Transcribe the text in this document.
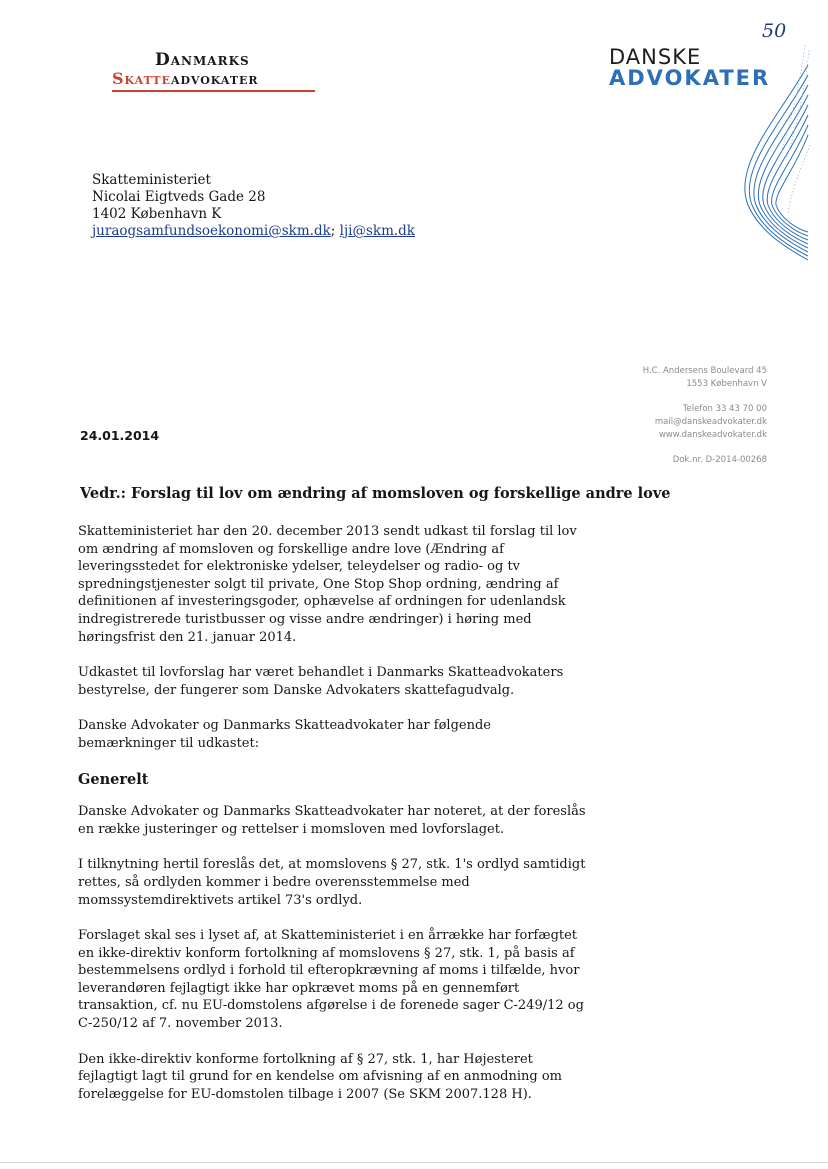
50
Danmarks
Skatteadvokater
DANSKE
ADVOKATER
Skatteministeriet
Nicolai Eigtveds Gade 28
1402 København K
juraogsamfundsoekonomi@skm.dk; lji@skm.dk
H.C. Andersens Boulevard 45
1553 København V
Telefon 33 43 70 00
mail@danskeadvokater.dk
www.danskeadvokater.dk
Dok.nr. D-2014-00268
24.01.2014
Vedr.: Forslag til lov om ændring af momsloven og forskellige andre love

Skatteministeriet har den 20. december 2013 sendt udkast til forslag til lov om ændring af momsloven og forskellige andre love (Ændring af leveringsstedet for elektroniske ydelser, teleydelser og radio- og tv spredningstjenester solgt til private, One Stop Shop ordning, ændring af definitionen af investeringsgoder, ophævelse af ordningen for udenlandsk indregistrerede turistbusser og visse andre ændringer) i høring med høringsfrist den 21. januar 2014.

Udkastet til lovforslag har været behandlet i Danmarks Skatteadvokaters bestyrelse, der fungerer som Danske Advokaters skattefagudvalg.

Danske Advokater og Danmarks Skatteadvokater har følgende bemærkninger til udkastet:

Generelt

Danske Advokater og Danmarks Skatteadvokater har noteret, at der foreslås en række justeringer og rettelser i momsloven med lovforslaget.

I tilknytning hertil foreslås det, at momslovens § 27, stk. 1's ordlyd samtidigt rettes, så ordlyden kommer i bedre overensstemmelse med momssystemdirektivets artikel 73's ordlyd.

Forslaget skal ses i lyset af, at Skatteministeriet i en årrække har forfægtet en ikke-direktiv konform fortolkning af momslovens § 27, stk. 1, på basis af bestemmelsens ordlyd i forhold til efteropkrævning af moms i tilfælde, hvor leverandøren fejlagtigt ikke har opkrævet moms på en gennemført transaktion, cf. nu EU-domstolens afgørelse i de forenede sager C-249/12 og C-250/12 af 7. november 2013.

Den ikke-direktiv konforme fortolkning af § 27, stk. 1, har Højesteret fejlagtigt lagt til grund for en kendelse om afvisning af en anmodning om forelæggelse for EU-domstolen tilbage i 2007 (Se SKM 2007.128 H).
